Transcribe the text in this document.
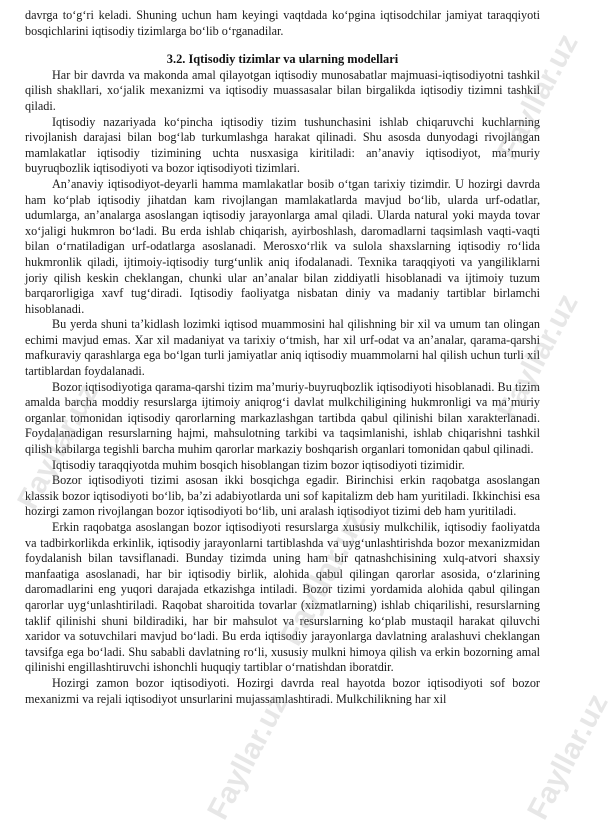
davrga to‘g‘ri keladi. Shuning uchun ham keyingi vaqtdada ko‘pgina iqtisodchilar jamiyat taraqqiyoti bosqichlarini iqtisodiy tizimlarga bo‘lib o‘rganadilar.

3.2. Iqtisodiy tizimlar va ularning modellari

Har bir davrda va makonda amal qilayotgan iqtisodiy munosabatlar majmuasi-iqtisodiyotni tashkil qilish shakllari, xo‘jalik mexanizmi va iqtisodiy muassasalar bilan birgalikda iqtisodiy tizimni tashkil qiladi.

Iqtisodiy nazariyada ko‘pincha iqtisodiy tizim tushunchasini ishlab chiqaruvchi kuchlarning rivojlanish darajasi bilan bog‘lab turkumlashga harakat qilinadi. Shu asosda dunyodagi rivojlangan mamlakatlar iqtisodiy tizimining uchta nusxasiga kiritiladi: an’anaviy iqtisodiyot, ma’muriy buyruqbozlik iqtisodiyoti va bozor iqtisodiyoti tizimlari.

An’anaviy iqtisodiyot-deyarli hamma mamlakatlar bosib o‘tgan tarixiy tizimdir. U hozirgi davrda ham ko‘plab iqtisodiy jihatdan kam rivojlangan mamlakatlarda mavjud bo‘lib, ularda urf-odatlar, udumlarga, an’analarga asoslangan iqtisodiy jarayonlarga amal qiladi. Ularda natural yoki mayda tovar xo‘jaligi hukmron bo‘ladi. Bu erda ishlab chiqarish, ayirboshlash, daromadlarni taqsimlash vaqti-vaqti bilan o‘rnatiladigan urf-odatlarga asoslanadi. Merosxo‘rlik va sulola shaxslarning iqtisodiy ro‘lida hukmronlik qiladi, ijtimoiy-iqtisodiy turg‘unlik aniq ifodalanadi. Texnika taraqqiyoti va yangiliklarni joriy qilish keskin cheklangan, chunki ular an’analar bilan ziddiyatli hisoblanadi va ijtimoiy tuzum barqarorligiga xavf tug‘diradi. Iqtisodiy faoliyatga nisbatan diniy va madaniy tartiblar birlamchi hisoblanadi.

Bu yerda shuni ta’kidlash lozimki iqtisod muammosini hal qilishning bir xil va umum tan olingan echimi mavjud emas. Xar xil madaniyat va tarixiy o‘tmish, har xil urf-odat va an’analar, qarama-qarshi mafkuraviy qarashlarga ega bo‘lgan turli jamiyatlar aniq iqtisodiy muammolarni hal qilish uchun turli xil tartiblardan foydalanadi.

Bozor iqtisodiyotiga qarama-qarshi tizim ma’muriy-buyruqbozlik iqtisodiyoti hisoblanadi. Bu tizim amalda barcha moddiy resurslarga ijtimoiy aniqrog‘i davlat mulkchiligining hukmronligi va ma’muriy organlar tomonidan iqtisodiy qarorlarning markazlashgan tartibda qabul qilinishi bilan xarakterlanadi. Foydalanadigan resurslarning hajmi, mahsulotning tarkibi va taqsimlanishi, ishlab chiqarishni tashkil qilish kabilarga tegishli barcha muhim qarorlar markaziy boshqarish organlari tomonidan qabul qilinadi.

Iqtisodiy taraqqiyotda muhim bosqich hisoblangan tizim bozor iqtisodiyoti tizimidir.

Bozor iqtisodiyoti tizimi asosan ikki bosqichga egadir. Birinchisi erkin raqobatga asoslangan klassik bozor iqtisodiyoti bo‘lib, ba’zi adabiyotlarda uni sof kapitalizm deb ham yuritiladi. Ikkinchisi esa hozirgi zamon rivojlangan bozor iqtisodiyoti bo‘lib, uni aralash iqtisodiyot tizimi deb ham yuritiladi.

Erkin raqobatga asoslangan bozor iqtisodiyoti resurslarga xususiy mulkchilik, iqtisodiy faoliyatda va tadbirkorlikda erkinlik, iqtisodiy jarayonlarni tartiblashda va uyg‘unlashtirishda bozor mexanizmidan foydalanish bilan tavsiflanadi. Bunday tizimda uning ham bir qatnashchisining xulq-atvori shaxsiy manfaatiga asoslanadi, har bir iqtisodiy birlik, alohida qabul qilingan qarorlar asosida, o‘zlarining daromadlarini eng yuqori darajada etkazishga intiladi. Bozor tizimi yordamida alohida qabul qilingan qarorlar uyg‘unlashtiriladi. Raqobat sharoitida tovarlar (xizmatlarning) ishlab chiqarilishi, resurslarning taklif qilinishi shuni bildiradiki, har bir mahsulot va resurslarning ko‘plab mustaqil harakat qiluvchi xaridor va sotuvchilari mavjud bo‘ladi. Bu erda iqtisodiy jarayonlarga davlatning aralashuvi cheklangan tavsifga ega bo‘ladi. Shu sababli davlatning ro‘li, xususiy mulkni himoya qilish va erkin bozorning amal qilinishi engillashtiruvchi ishonchli huquqiy tartiblar o‘rnatishdan iboratdir.

Hozirgi zamon bozor iqtisodiyoti. Hozirgi davrda real hayotda bozor iqtisodiyoti sof bozor mexanizmi va rejali iqtisodiyot unsurlarini mujassamlashtiradi. Mulkchilikning har xil

Fayllar.uz
Fayllar.uz
Fayllar.uz
Fayllar.uz
Fayllar.uz	Fayllar.uz
